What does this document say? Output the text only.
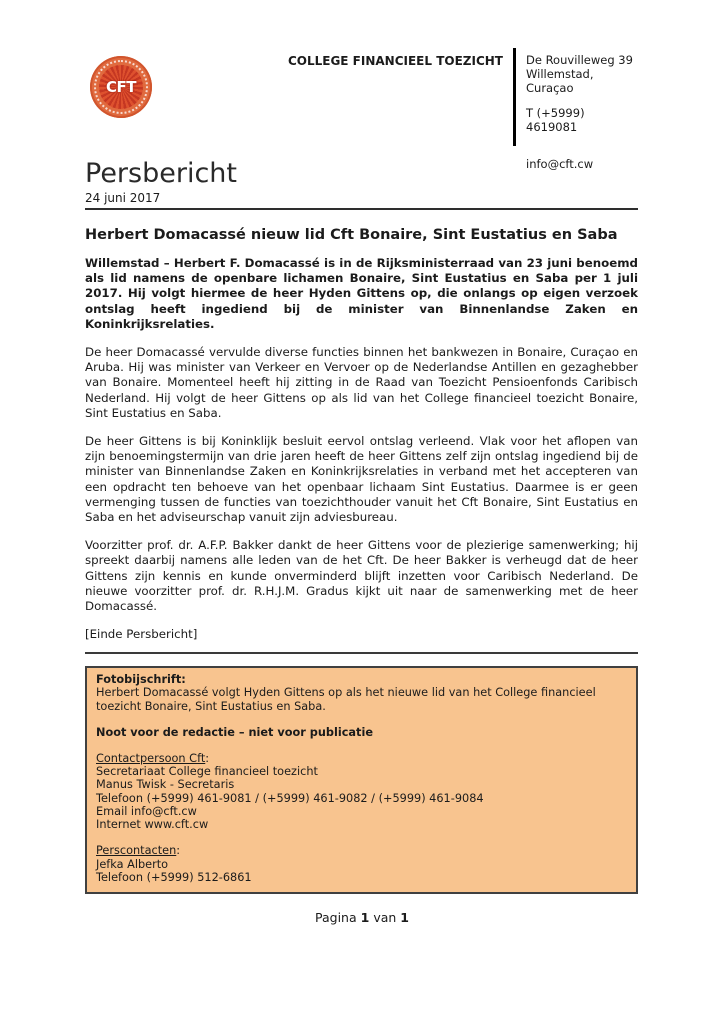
CFT
COLLEGE FINANCIEEL TOEZICHT De Rouvilleweg 39
Willemstad, Curaçao
T (+5999) 4619081
info@cft.cw
Persbericht
24 juni 2017
Herbert Domacassé nieuw lid Cft Bonaire, Sint Eustatius en Saba

Willemstad – Herbert F. Domacassé is in de Rijksministerraad van 23 juni benoemd als lid namens de openbare lichamen Bonaire, Sint Eustatius en Saba per 1 juli 2017. Hij volgt hiermee de heer Hyden Gittens op, die onlangs op eigen verzoek ontslag heeft ingediend bij de minister van Binnenlandse Zaken en Koninkrijksrelaties.

De heer Domacassé vervulde diverse functies binnen het bankwezen in Bonaire, Curaçao en Aruba. Hij was minister van Verkeer en Vervoer op de Nederlandse Antillen en gezaghebber van Bonaire. Momenteel heeft hij zitting in de Raad van Toezicht Pensioenfonds Caribisch Nederland. Hij volgt de heer Gittens op als lid van het College financieel toezicht Bonaire, Sint Eustatius en Saba.

De heer Gittens is bij Koninklijk besluit eervol ontslag verleend. Vlak voor het aflopen van zijn benoemingstermijn van drie jaren heeft de heer Gittens zelf zijn ontslag ingediend bij de minister van Binnenlandse Zaken en Koninkrijksrelaties in verband met het accepteren van een opdracht ten behoeve van het openbaar lichaam Sint Eustatius. Daarmee is er geen vermenging tussen de functies van toezichthouder vanuit het Cft Bonaire, Sint Eustatius en Saba en het adviseurschap vanuit zijn adviesbureau.

Voorzitter prof. dr. A.F.P. Bakker dankt de heer Gittens voor de plezierige samenwerking; hij spreekt daarbij namens alle leden van de het Cft. De heer Bakker is verheugd dat de heer Gittens zijn kennis en kunde onverminderd blijft inzetten voor Caribisch Nederland. De nieuwe voorzitter prof. dr. R.H.J.M. Gradus kijkt uit naar de samenwerking met de heer Domacassé.

[Einde Persbericht]

Fotobijschrift:
Herbert Domacassé volgt Hyden Gittens op als het nieuwe lid van het College financieel toezicht Bonaire, Sint Eustatius en Saba.
Noot voor de redactie – niet voor publicatie
Contactpersoon Cft:
Secretariaat College financieel toezicht
Manus Twisk - Secretaris
Telefoon (+5999) 461-9081 / (+5999) 461-9082 / (+5999) 461-9084
Email info@cft.cw
Internet www.cft.cw
Perscontacten:
Jefka Alberto
Telefoon (+5999) 512-6861
Pagina 1 van 1
